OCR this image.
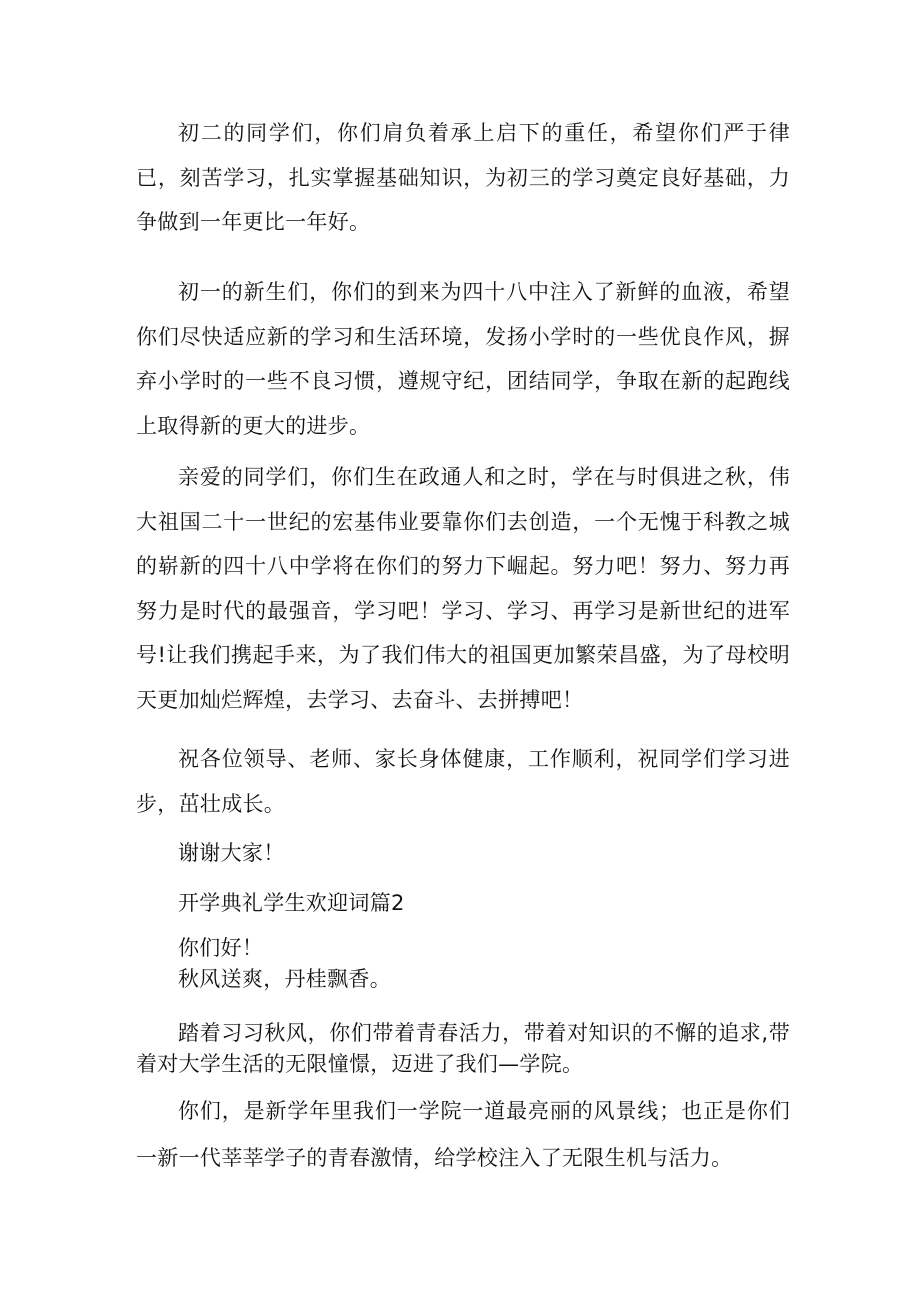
初二的同学们，你们肩负着承上启下的重任，希望你们严于律已，刻苦学习，扎实掌握基础知识，为初三的学习奠定良好基础，力争做到一年更比一年好。

初一的新生们，你们的到来为四十八中注入了新鲜的血液，希望你们尽快适应新的学习和生活环境，发扬小学时的一些优良作风，摒弃小学时的一些不良习惯，遵规守纪，团结同学，争取在新的起跑线上取得新的更大的进步。

亲爱的同学们，你们生在政通人和之时，学在与时俱进之秋，伟大祖国二十一世纪的宏基伟业要靠你们去创造，一个无愧于科教之城的崭新的四十八中学将在你们的努力下崛起。努力吧！努力、努力再努力是时代的最强音，学习吧！学习、学习、再学习是新世纪的进军号!让我们携起手来，为了我们伟大的祖国更加繁荣昌盛，为了母校明天更加灿烂辉煌，去学习、去奋斗、去拼搏吧！

祝各位领导、老师、家长身体健康，工作顺利，祝同学们学习进步，茁壮成长。

谢谢大家！

开学典礼学生欢迎词篇2

你们好！
秋风送爽，丹桂飘香。

踏着习习秋风，你们带着青春活力，带着对知识的不懈的追求,带着对大学生活的无限憧憬，迈进了我们—学院。

你们，是新学年里我们一学院一道最亮丽的风景线；也正是你们一新一代莘莘学子的青春激情，给学校注入了无限生机与活力。
